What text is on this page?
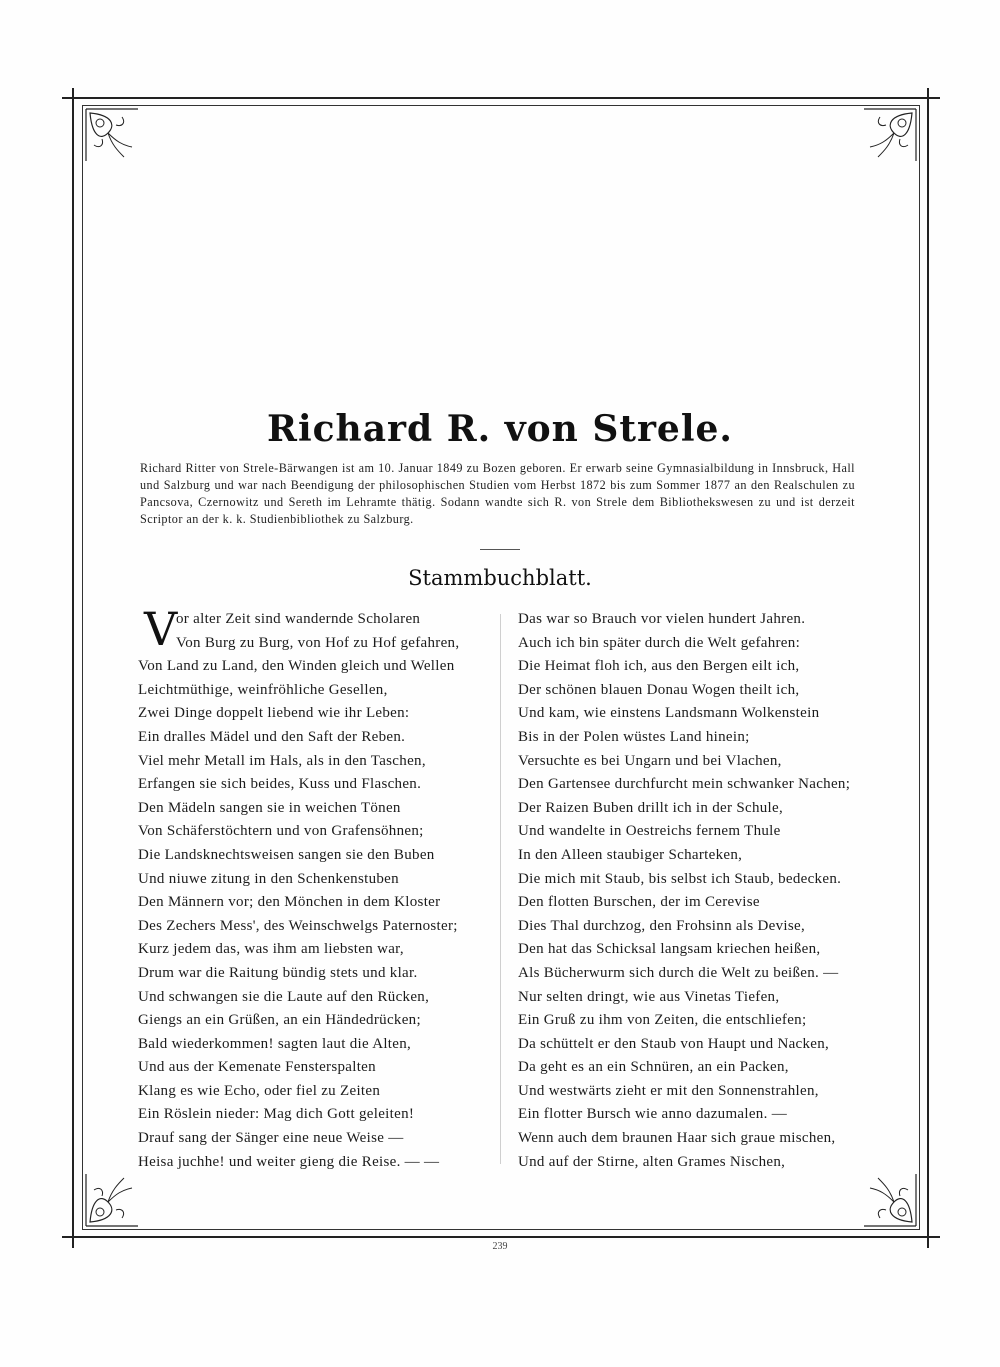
Richard R. von Strele.

Richard Ritter von Strele-Bärwangen ist am 10. Januar 1849 zu Bozen geboren. Er erwarb seine Gymnasialbildung in Innsbruck, Hall und Salzburg und war nach Beendigung der philosophischen Studien vom Herbst 1872 bis zum Sommer 1877 an den Realschulen zu Pancsova, Czernowitz und Sereth im Lehramte thätig. Sodann wandte sich R. von Strele dem Bibliothekswesen zu und ist derzeit Scriptor an der k. k. Studienbibliothek zu Salzburg.

Stammbuchblatt.
V
or alter Zeit sind wandernde Scholaren
Von Burg zu Burg, von Hof zu Hof gefahren,
Von Land zu Land, den Winden gleich und Wellen
Leichtmüthige, weinfröhliche Gesellen,
Zwei Dinge doppelt liebend wie ihr Leben:
Ein dralles Mädel und den Saft der Reben.
Viel mehr Metall im Hals, als in den Taschen,
Erfangen sie sich beides, Kuss und Flaschen.
Den Mädeln sangen sie in weichen Tönen
Von Schäferstöchtern und von Grafensöhnen;
Die Landsknechtsweisen sangen sie den Buben
Und niuwe zitung in den Schenkenstuben
Den Männern vor; den Mönchen in dem Kloster
Des Zechers Mess', des Weinschwelgs Paternoster;
Kurz jedem das, was ihm am liebsten war,
Drum war die Raitung bündig stets und klar.
Und schwangen sie die Laute auf den Rücken,
Giengs an ein Grüßen, an ein Händedrücken;
Bald wiederkommen! sagten laut die Alten,
Und aus der Kemenate Fensterspalten
Klang es wie Echo, oder fiel zu Zeiten
Ein Röslein nieder: Mag dich Gott geleiten!
Drauf sang der Sänger eine neue Weise —
Heisa juchhe! und weiter gieng die Reise. — —
Das war so Brauch vor vielen hundert Jahren.
Auch ich bin später durch die Welt gefahren:
Die Heimat floh ich, aus den Bergen eilt ich,
Der schönen blauen Donau Wogen theilt ich,
Und kam, wie einstens Landsmann Wolkenstein
Bis in der Polen wüstes Land hinein;
Versuchte es bei Ungarn und bei Vlachen,
Den Gartensee durchfurcht mein schwanker Nachen;
Der Raizen Buben drillt ich in der Schule,
Und wandelte in Oestreichs fernem Thule
In den Alleen staubiger Scharteken,
Die mich mit Staub, bis selbst ich Staub, bedecken.
Den flotten Burschen, der im Cerevise
Dies Thal durchzog, den Frohsinn als Devise,
Den hat das Schicksal langsam kriechen heißen,
Als Bücherwurm sich durch die Welt zu beißen. —
Nur selten dringt, wie aus Vinetas Tiefen,
Ein Gruß zu ihm von Zeiten, die entschliefen;
Da schüttelt er den Staub von Haupt und Nacken,
Da geht es an ein Schnüren, an ein Packen,
Und westwärts zieht er mit den Sonnenstrahlen,
Ein flotter Bursch wie anno dazumalen. —
Wenn auch dem braunen Haar sich graue mischen,
Und auf der Stirne, alten Grames Nischen,
239
